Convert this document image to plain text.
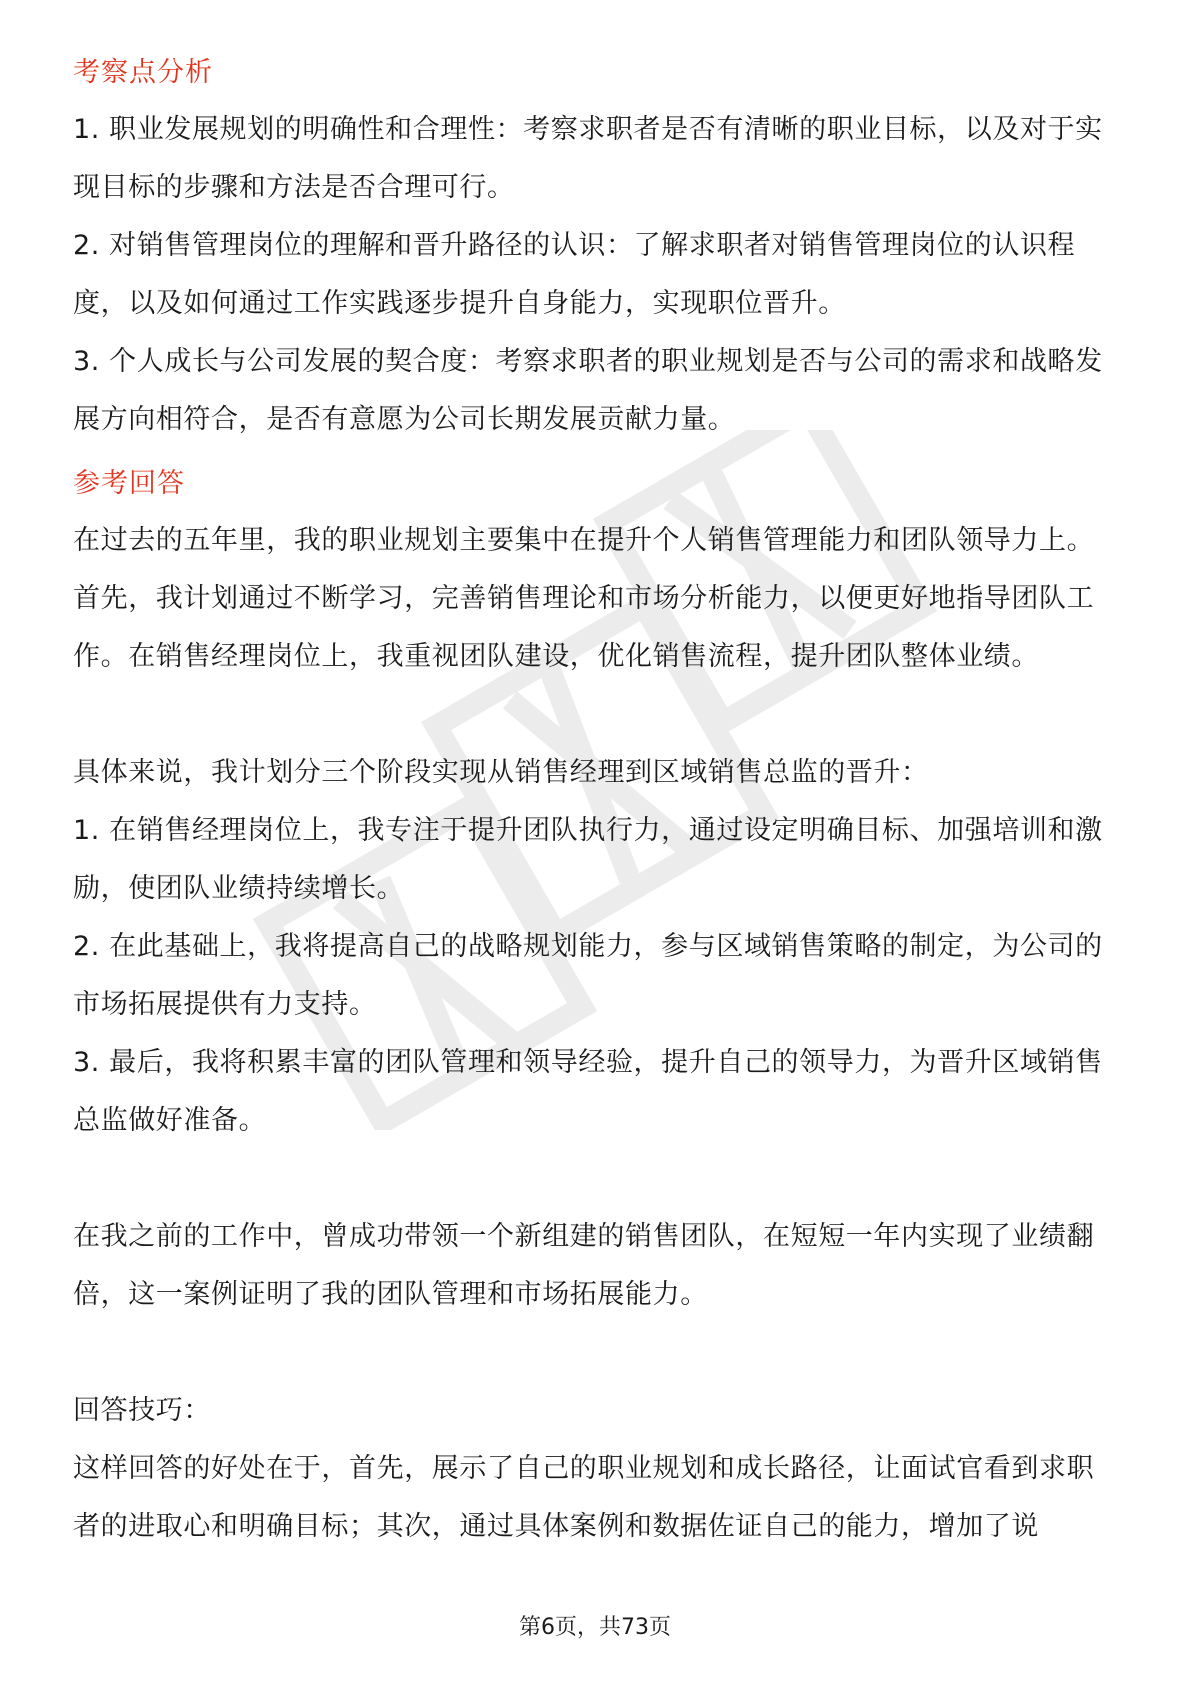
考察点分析

1. 职业发展规划的明确性和合理性：考察求职者是否有清晰的职业目标，以及对于实现目标的步骤和方法是否合理可行。

2. 对销售管理岗位的理解和晋升路径的认识：了解求职者对销售管理岗位的认识程度，以及如何通过工作实践逐步提升自身能力，实现职位晋升。

3. 个人成长与公司发展的契合度：考察求职者的职业规划是否与公司的需求和战略发展方向相符合，是否有意愿为公司长期发展贡献力量。

参考回答

在过去的五年里，我的职业规划主要集中在提升个人销售管理能力和团队领导力上。首先，我计划通过不断学习，完善销售理论和市场分析能力，以便更好地指导团队工作。在销售经理岗位上，我重视团队建设，优化销售流程，提升团队整体业绩。

具体来说，我计划分三个阶段实现从销售经理到区域销售总监的晋升：

1. 在销售经理岗位上，我专注于提升团队执行力，通过设定明确目标、加强培训和激励，使团队业绩持续增长。

2. 在此基础上，我将提高自己的战略规划能力，参与区域销售策略的制定，为公司的市场拓展提供有力支持。

3. 最后，我将积累丰富的团队管理和领导经验，提升自己的领导力，为晋升区域销售总监做好准备。

在我之前的工作中，曾成功带领一个新组建的销售团队，在短短一年内实现了业绩翻倍，这一案例证明了我的团队管理和市场拓展能力。

回答技巧：

这样回答的好处在于，首先，展示了自己的职业规划和成长路径，让面试官看到求职者的进取心和明确目标；其次，通过具体案例和数据佐证自己的能力，增加了说

第6页，共73页
